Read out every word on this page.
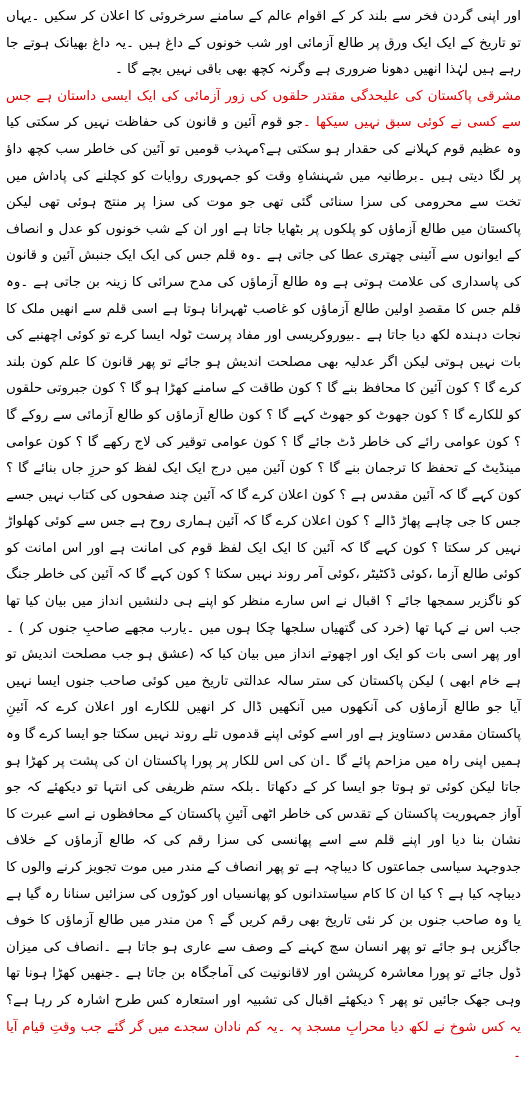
اور اپنی گردن فخر سے بلند کر کے اقوام عالم کے سامنے سرخروئی کا اعلان کر سکیں ۔یہاں تو تاریخ کے ایک ایک ورق پر طالع آزمائی اور شب خونوں کے داغ ہیں ۔یہ داغ بھیانک ہوتے جا رہے ہیں لہٰذا انھیں دھونا ضروری ہے وگرنہ کچھ بھی باقی نہیں بچے گا ۔

مشرقی پاکستان کی علیحدگی مقتدر حلقوں کی زور آزمائی کی ایک ایسی داستان ہے جس سے کسی نے کوئی سبق نہیں سیکھا ۔جو قوم آئین و قانون کی حفاظت نہیں کر سکتی کیا وہ عظیم قوم کہلانے کی حقدار ہو سکتی ہے؟مہذب قومیں تو آئین کی خاطر سب کچھ داؤ پر لگا دیتی ہیں ۔برطانیہ میں شہنشاہِ وقت کو جمہوری روایات کو کچلنے کی پاداش میں تخت سے محرومی کی سزا سنائی گئی تھی جو موت کی سزا پر منتج ہوئی تھی لیکن پاکستان میں طالع آزماؤں کو پلکوں پر بٹھایا جاتا ہے اور ان کے شب خونوں کو عدل و انصاف کے ایوانوں سے آئینی چھتری عطا کی جاتی ہے ۔وہ قلم جس کی ایک ایک جنبش آئین و قانون کی پاسداری کی علامت ہوتی ہے وہ طالع آزماؤں کی مدح سرائی کا زینہ بن جاتی ہے ۔وہ قلم جس کا مقصدِ اولین طالع آزماؤں کو غاصب ٹھہرانا ہوتا ہے اسی قلم سے انھیں ملک کا نجات دہندہ لکھ دیا جاتا ہے ۔بیوروکریسی اور مفاد پرست ٹولہ ایسا کرے تو کوئی اچھنبے کی بات نہیں ہوتی لیکن اگر عدلیہ بھی مصلحت اندیش ہو جائے تو پھر قانون کا علم کون بلند کرے گا ؟ کون آئین کا محافظ بنے گا ؟ کون طاقت کے سامنے کھڑا ہو گا ؟ کون جبروتی حلقوں کو للکارے گا ؟ کون جھوٹ کو جھوٹ کہے گا ؟ کون طالع آزماؤں کو طالع آزمائی سے روکے گا ؟ کون عوامی رائے کی خاطر ڈٹ جائے گا ؟ کون عوامی توقیر کی لاج رکھے گا ؟ کون عوامی مینڈیٹ کے تحفظ کا ترجمان بنے گا ؟ کون آئین میں درج ایک ایک لفظ کو حرزِ جاں بنائے گا ؟ کون کہے گا کہ آئین مقدس ہے ؟ کون اعلان کرے گا کہ آئین چند صفحوں کی کتاب نہیں جسے جس کا جی چاہے پھاڑ ڈالے ؟ کون اعلان کرے گا کہ آئین ہماری روح ہے جس سے کوئی کھلواڑ نہیں کر سکتا ؟ کون کہے گا کہ آئین کا ایک ایک لفظ قوم کی امانت ہے اور اس امانت کو کوئی طالع آزما ،کوئی ڈکٹیٹر ،کوئی آمر روند نہیں سکتا ؟ کون کہے گا کہ آئین کی خاطر جنگ کو ناگزیر سمجھا جائے ؟ اقبال نے اس سارے منظر کو اپنے ہی دلنشیں انداز میں بیان کیا تھا جب اس نے کہا تھا (خرد کی گتھیاں سلجھا چکا ہوں میں ۔یارب مجھے صاحبِ جنوں کر ) ۔اور پھر اسی بات کو ایک اور اچھوتے انداز میں بیان کیا کہ (عشق ہو جب مصلحت اندیش تو ہے خام ابھی ) لیکن پاکستان کی ستر سالہ عدالتی تاریخ میں کوئی صاحب جنوں ایسا نہیں آیا جو طالع آزماؤں کی آنکھوں میں آنکھیں ڈال کر انھیں للکارے اور اعلان کرے کہ آئینِ پاکستان مقدس دستاویز ہے اور اسے کوئی اپنے قدموں تلے روند نہیں سکتا جو ایسا کرے گا وہ ہمیں اپنی راہ میں مزاحم پائے گا ۔ان کی اس للکار پر پورا پاکستان ان کی پشت پر کھڑا ہو جاتا لیکن کوئی تو ہوتا جو ایسا کر کے دکھاتا ۔بلکہ ستم ظریفی کی انتہا تو دیکھئے کہ جو آواز جمہوریت پاکستان کے تقدس کی خاطر اٹھی آئینِ پاکستان کے محافظوں نے اسے عبرت کا نشان بنا دیا اور اپنے قلم سے اسے پھانسی کی سزا رقم کی کہ طالع آزماؤں کے خلاف جدوجہد سیاسی جماعتوں کا دیباچہ ہے تو پھر انصاف کے مندر میں موت تجویز کرنے والوں کا دیباچہ کیا ہے ؟ کیا ان کا کام سیاستدانوں کو پھانسیاں اور کوڑوں کی سزائیں سنانا رہ گیا ہے یا وہ صاحب جنوں بن کر نئی تاریخ بھی رقم کریں گے ؟ من مندر میں طالع آزماؤں کا خوف جاگزیں ہو جائے تو پھر انسان سچ کہنے کے وصف سے عاری ہو جاتا ہے ۔انصاف کی میزان ڈول جائے تو پورا معاشرہ کرپشن اور لاقانونیت کی آماجگاہ بن جاتا ہے ۔جنھیں کھڑا ہونا تھا وہی جھک جائیں تو پھر ؟ دیکھئے اقبال کی تشبیہ اور استعارہ کس طرح اشارہ کر رہا ہے؟ یہ کس شوخ نے لکھ دیا محرابِ مسجد پہ ۔یہ کم نادان سجدے میں گر گئے جب وقتِ قیام آیا ۔
